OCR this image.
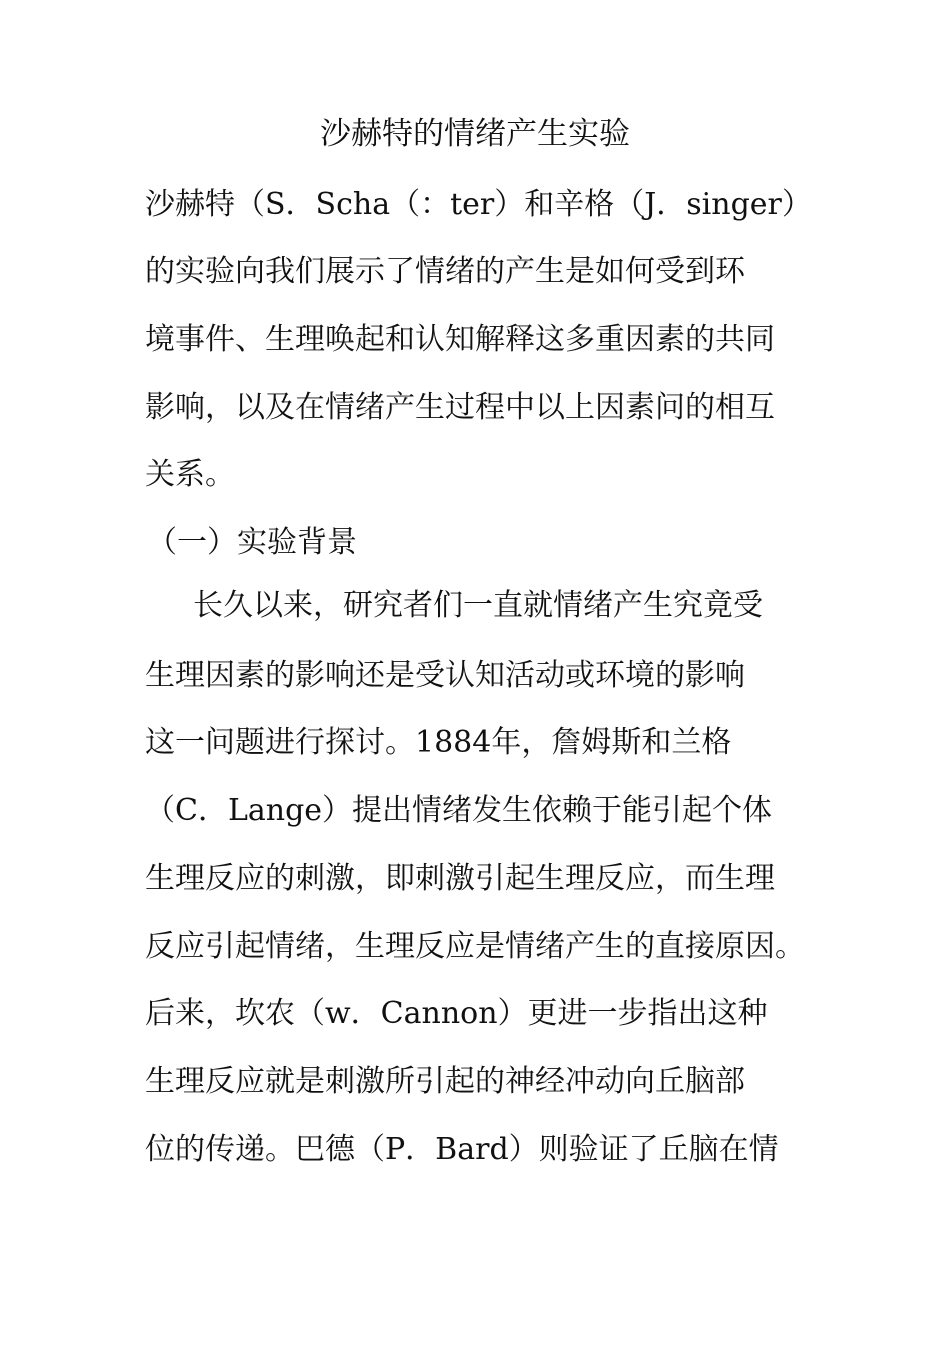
沙赫特的情绪产生实验
沙赫特（S．Scha（：ter）和辛格（J．singer）
的实验向我们展示了情绪的产生是如何受到环
境事件、生理唤起和认知解释这多重因素的共同
影响，以及在情绪产生过程中以上因素问的相互
关系。
（一）实验背景
长久以来，研究者们一直就情绪产生究竟受
生理因素的影响还是受认知活动或环境的影响
这一问题进行探讨。1884年，詹姆斯和兰格
（C．Lange）提出情绪发生依赖于能引起个体
生理反应的刺激，即刺激引起生理反应，而生理
反应引起情绪，生理反应是情绪产生的直接原因。
后来，坎农（w．Cannon）更进一步指出这种
生理反应就是刺激所引起的神经冲动向丘脑部
位的传递。巴德（P．Bard）则验证了丘脑在情
